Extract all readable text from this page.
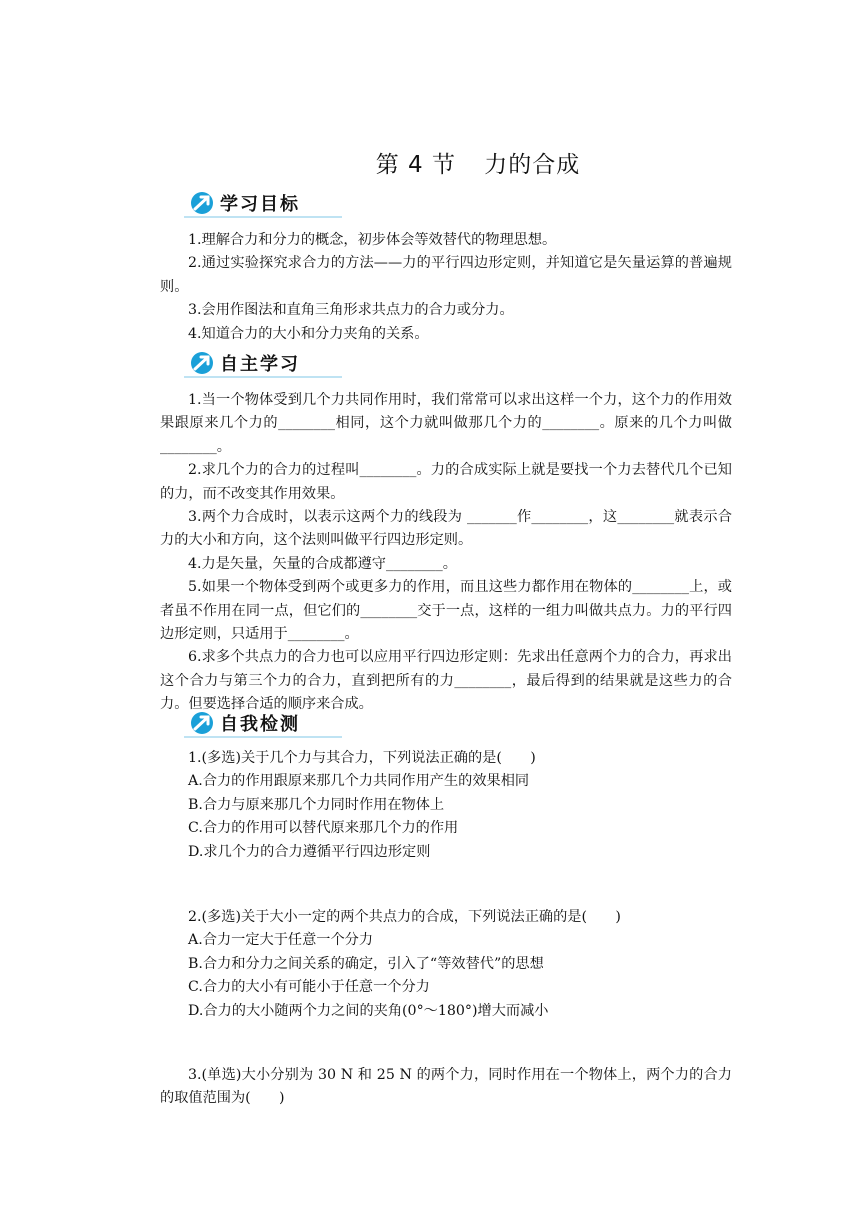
第 4 节 力的合成
学习目标

1.理解合力和分力的概念，初步体会等效替代的物理思想。

2.通过实验探究求合力的方法——力的平行四边形定则，并知道它是矢量运算的普遍规则。

3.会用作图法和直角三角形求共点力的合力或分力。

4.知道合力的大小和分力夹角的关系。

自主学习

1.当一个物体受到几个力共同作用时，我们常常可以求出这样一个力，这个力的作用效果跟原来几个力的________相同，这个力就叫做那几个力的________。原来的几个力叫做________。

2.求几个力的合力的过程叫________。力的合成实际上就是要找一个力去替代几个已知的力，而不改变其作用效果。

3.两个力合成时，以表示这两个力的线段为 _______作________，这________就表示合力的大小和方向，这个法则叫做平行四边形定则。

4.力是矢量，矢量的合成都遵守________。

5.如果一个物体受到两个或更多力的作用，而且这些力都作用在物体的________上，或者虽不作用在同一点，但它们的________交于一点，这样的一组力叫做共点力。力的平行四边形定则，只适用于________。

6.求多个共点力的合力也可以应用平行四边形定则：先求出任意两个力的合力，再求出这个合力与第三个力的合力，直到把所有的力________，最后得到的结果就是这些力的合力。但要选择合适的顺序来合成。

自我检测

1.(多选)关于几个力与其合力，下列说法正确的是(　　)

A.合力的作用跟原来那几个力共同作用产生的效果相同

B.合力与原来那几个力同时作用在物体上

C.合力的作用可以替代原来那几个力的作用

D.求几个力的合力遵循平行四边形定则

2.(多选)关于大小一定的两个共点力的合成，下列说法正确的是(　　)

A.合力一定大于任意一个分力

B.合力和分力之间关系的确定，引入了“等效替代”的思想

C.合力的大小有可能小于任意一个分力

D.合力的大小随两个力之间的夹角(0°～180°)增大而减小

3.(单选)大小分别为 30 N 和 25 N 的两个力，同时作用在一个物体上，两个力的合力的取值范围为(　　)
